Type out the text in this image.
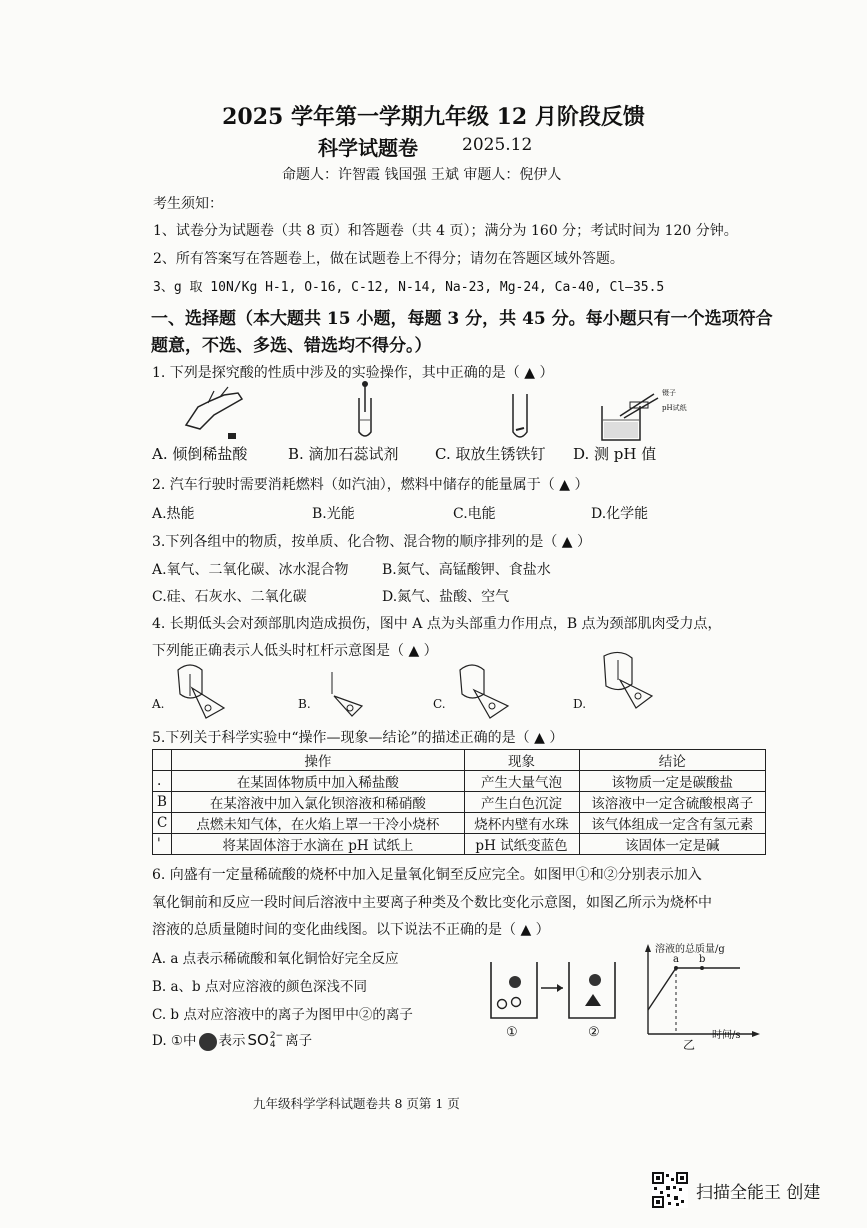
2025 学年第一学期九年级 12 月阶段反馈
科学试题卷	2025.12
命题人：许智霞 钱国强 王斌 审题人：倪伊人
考生须知：
1、试卷分为试题卷（共 8 页）和答题卷（共 4 页）；满分为 160 分；考试时间为 120 分钟。
2、所有答案写在答题卷上，做在试题卷上不得分；请勿在答题区域外答题。
3、g 取 10N/Kg H-1, O-16, C-12, N-14, Na-23, Mg-24, Ca-40, Cl—35.5
一、选择题（本大题共 15 小题，每题 3 分，共 45 分。每小题只有一个选项符合
题意，不选、多选、错选均不得分。）
1. 下列是探究酸的性质中涉及的实验操作，其中正确的是（ ▲ ）
镊子
pH试纸
A. 倾倒稀盐酸	B. 滴加石蕊试剂 C. 取放生锈铁钉 D. 测 pH 值
2. 汽车行驶时需要消耗燃料（如汽油），燃料中储存的能量属于（ ▲ ）
A.热能	B.光能	C.电能	D.化学能
3.下列各组中的物质，按单质、化合物、混合物的顺序排列的是（ ▲ ）
A.氧气、二氧化碳、冰水混合物 B.氮气、高锰酸钾、食盐水
C.硅、石灰水、二氧化碳	D.氮气、盐酸、空气
4. 长期低头会对颈部肌肉造成损伤，图中 A 点为头部重力作用点，B 点为颈部肌肉受力点，
下列能正确表示人低头时杠杆示意图是（ ▲ ）
A.	B.	C.	D.
5.下列关于科学实验中“操作—现象—结论”的描述正确的是（ ▲ ）
	操作	现象	结论
.	在某固体物质中加入稀盐酸	产生大量气泡	该物质一定是碳酸盐
B	在某溶液中加入氯化钡溶液和稀硝酸	产生白色沉淀	该溶液中一定含硫酸根离子
C	点燃未知气体，在火焰上罩一干冷小烧杯	烧杯内壁有水珠	该气体组成一定含有氢元素
'	将某固体溶于水滴在 pH 试纸上	pH 试纸变蓝色	该固体一定是碱
6. 向盛有一定量稀硫酸的烧杯中加入足量氧化铜至反应完全。如图甲①和②分别表示加入
氧化铜前和反应一段时间后溶液中主要离子种类及个数比变化示意图，如图乙所示为烧杯中
溶液的总质量随时间的变化曲线图。以下说法不正确的是（ ▲ ）
A. a 点表示稀硫酸和氧化铜恰好完全反应
B. a、b 点对应溶液的颜色深浅不同
C. b 点对应溶液中的离子为图甲中②的离子
D. ①中 表示 SO 2−
4 离子
①	②
溶液的总质量/g
a b
时间/s
乙
九年级科学学科试题卷共 8 页第 1 页
扫描全能王 创建
